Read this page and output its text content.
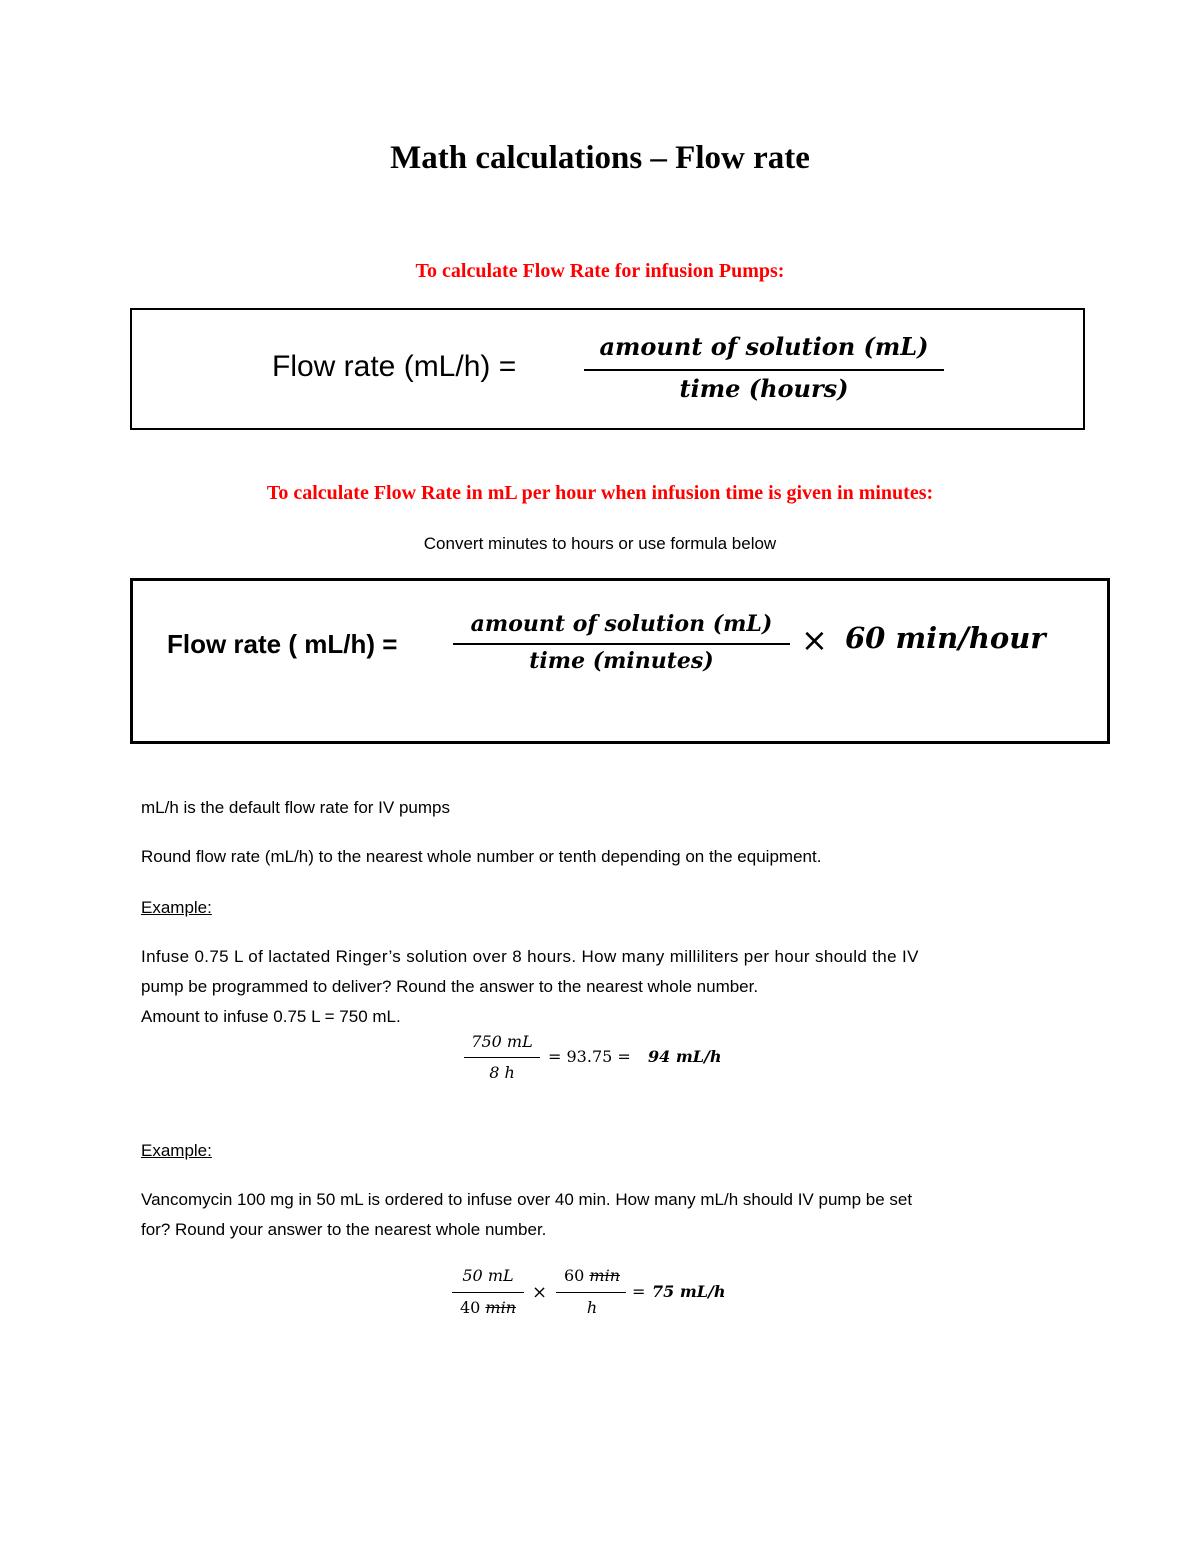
Math calculations – Flow rate
To calculate Flow Rate for infusion Pumps:
Flow rate (mL/h) =
amount of solution (mL)
time (hours)
To calculate Flow Rate in mL per hour when infusion time is given in minutes:
Convert minutes to hours or use formula below
Flow rate ( mL/h) =
amount of solution (mL)
time (minutes)
× 60 min/hour
mL/h is the default flow rate for IV pumps
Round flow rate (mL/h) to the nearest whole number or tenth depending on the equipment.
Example:
Infuse 0.75 L of lactated Ringer’s solution over 8 hours. How many milliliters per hour should the IV
pump be programmed to deliver? Round the answer to the nearest whole number.
Amount to infuse 0.75 L = 750 mL.
750 mL
8 h
= 93.75 = 94 mL/h
Example:
Vancomycin 100 mg in 50 mL is ordered to infuse over 40 min. How many mL/h should IV pump be set
for? Round your answer to the nearest whole number.
50 mL
40 min
×
60 min
h
= 75 mL/h
